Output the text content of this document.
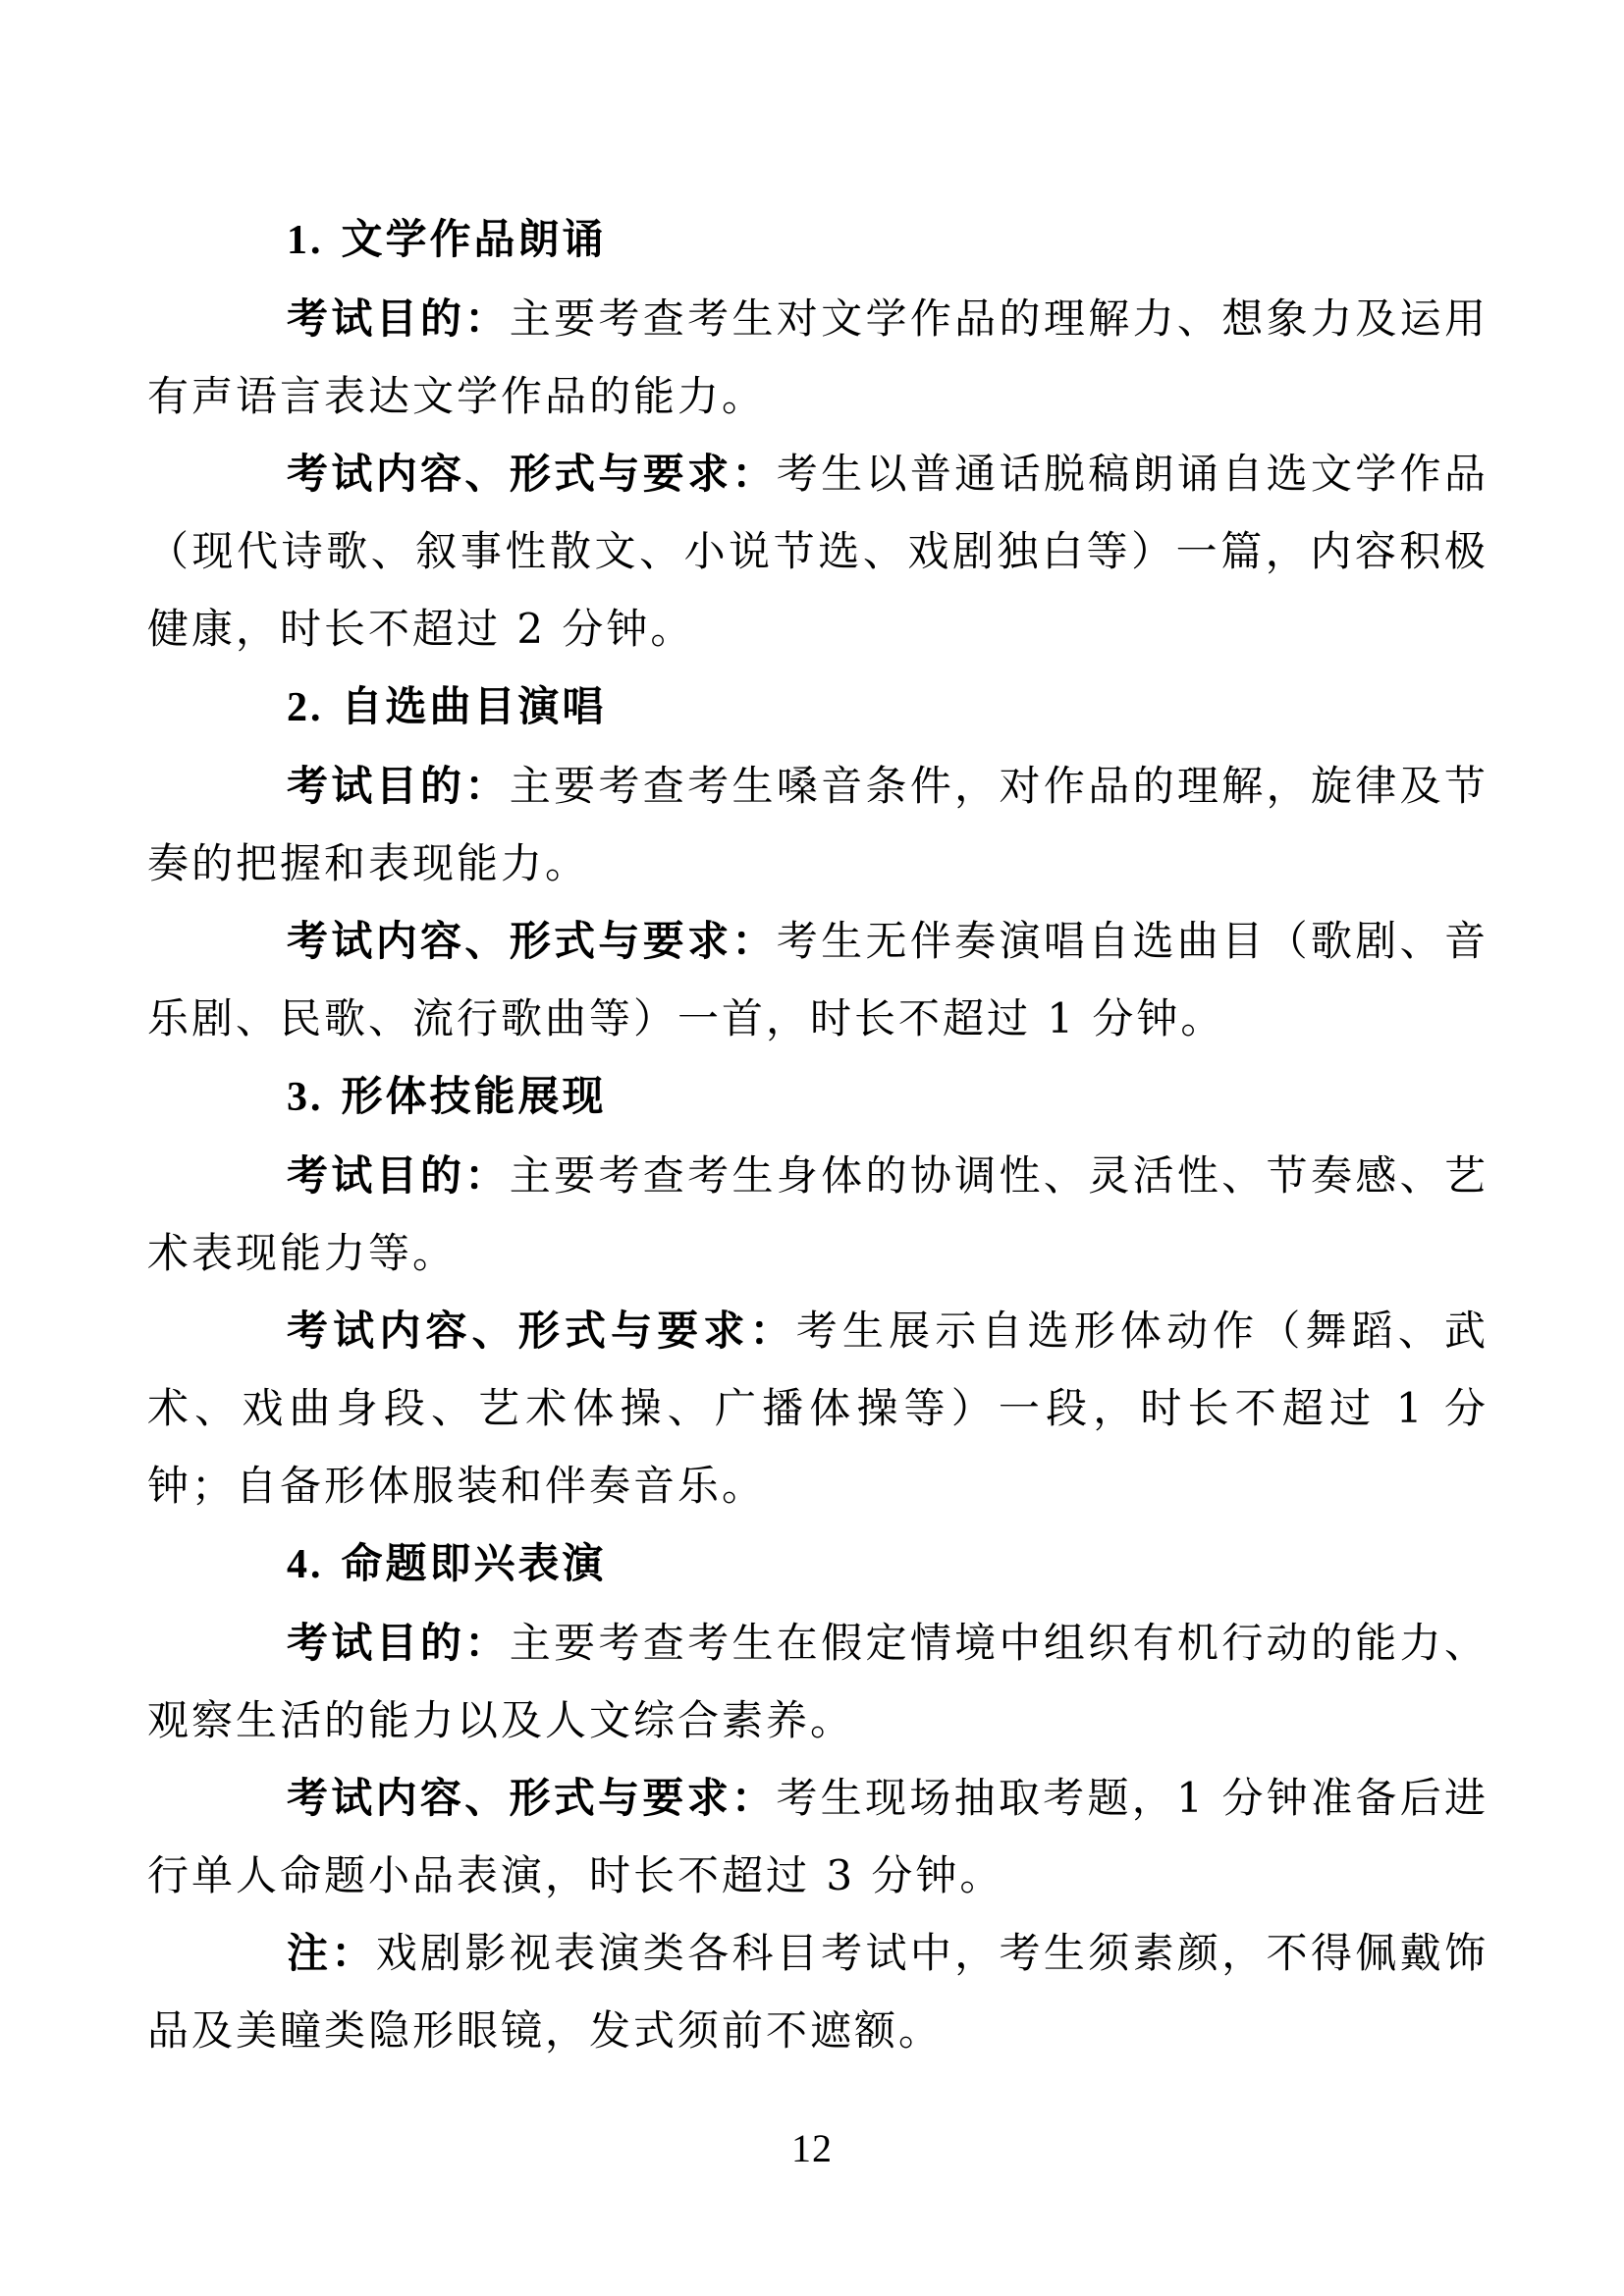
1. 文学作品朗诵

考试目的：主要考查考生对文学作品的理解力、想象力及运用有声语言表达文学作品的能力。

考试内容、形式与要求：考生以普通话脱稿朗诵自选文学作品（现代诗歌、叙事性散文、小说节选、戏剧独白等）一篇，内容积极健康，时长不超过 2 分钟。

2. 自选曲目演唱

考试目的：主要考查考生嗓音条件，对作品的理解，旋律及节奏的把握和表现能力。

考试内容、形式与要求：考生无伴奏演唱自选曲目（歌剧、音乐剧、民歌、流行歌曲等）一首，时长不超过 1 分钟。

3. 形体技能展现

考试目的：主要考查考生身体的协调性、灵活性、节奏感、艺术表现能力等。

考试内容、形式与要求：考生展示自选形体动作（舞蹈、武术、戏曲身段、艺术体操、广播体操等）一段，时长不超过 1 分钟；自备形体服装和伴奏音乐。

4. 命题即兴表演

考试目的：主要考查考生在假定情境中组织有机行动的能力、观察生活的能力以及人文综合素养。

考试内容、形式与要求：考生现场抽取考题，1 分钟准备后进行单人命题小品表演，时长不超过 3 分钟。

注：戏剧影视表演类各科目考试中，考生须素颜，不得佩戴饰品及美瞳类隐形眼镜，发式须前不遮额。

12
